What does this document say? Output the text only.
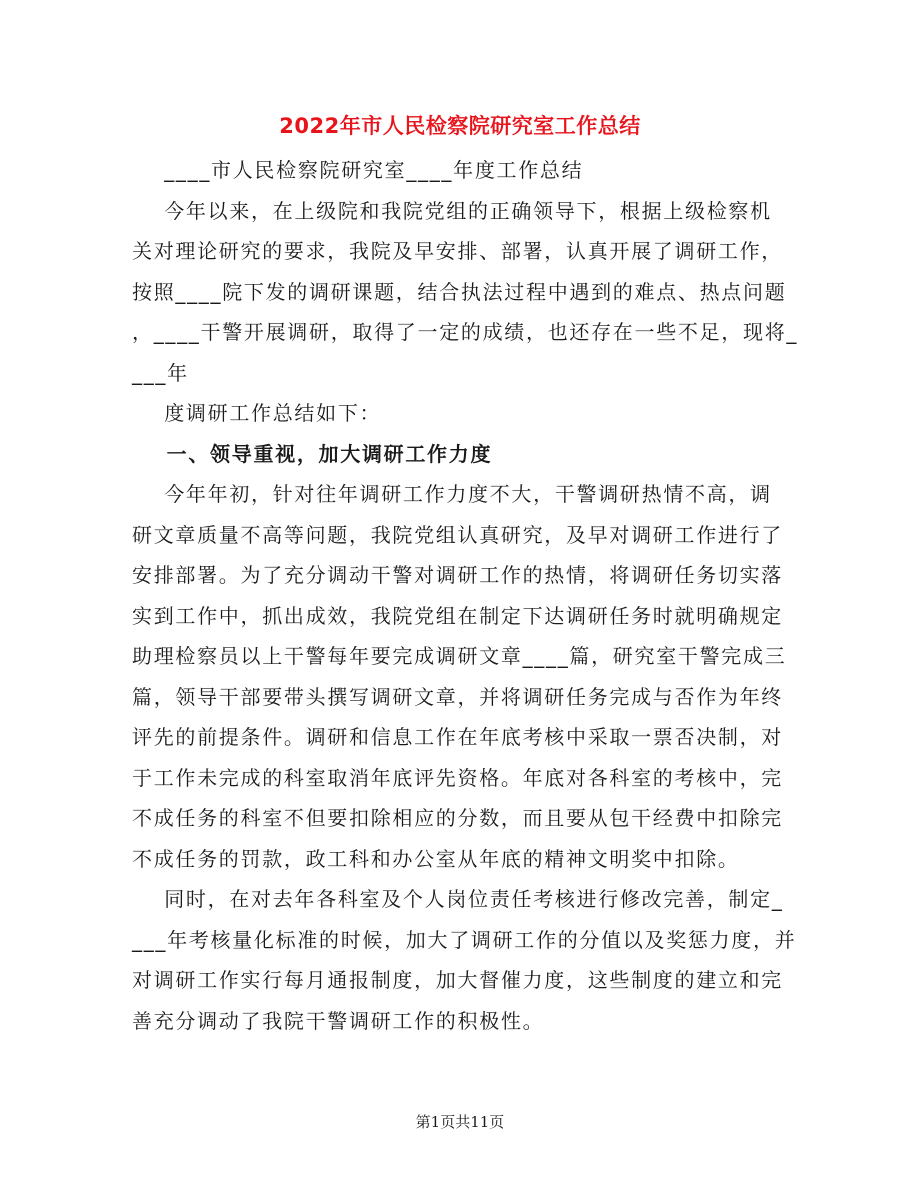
2022年市人民检察院研究室工作总结

____市人民检察院研究室____年度工作总结

今年以来，在上级院和我院党组的正确领导下，根据上级检察机

关对理论研究的要求，我院及早安排、部署，认真开展了调研工作，

按照____院下发的调研课题，结合执法过程中遇到的难点、热点问题

，____干警开展调研，取得了一定的成绩，也还存在一些不足，现将_

___年

度调研工作总结如下：

一、领导重视，加大调研工作力度

今年年初，针对往年调研工作力度不大，干警调研热情不高，调

研文章质量不高等问题，我院党组认真研究，及早对调研工作进行了

安排部署。为了充分调动干警对调研工作的热情，将调研任务切实落

实到工作中，抓出成效，我院党组在制定下达调研任务时就明确规定

助理检察员以上干警每年要完成调研文章____篇，研究室干警完成三

篇，领导干部要带头撰写调研文章，并将调研任务完成与否作为年终

评先的前提条件。调研和信息工作在年底考核中采取一票否决制，对

于工作未完成的科室取消年底评先资格。年底对各科室的考核中，完

不成任务的科室不但要扣除相应的分数，而且要从包干经费中扣除完

不成任务的罚款，政工科和办公室从年底的精神文明奖中扣除。

同时，在对去年各科室及个人岗位责任考核进行修改完善，制定_

___年考核量化标准的时候，加大了调研工作的分值以及奖惩力度，并

对调研工作实行每月通报制度，加大督催力度，这些制度的建立和完

善充分调动了我院干警调研工作的积极性。

第1页共11页
